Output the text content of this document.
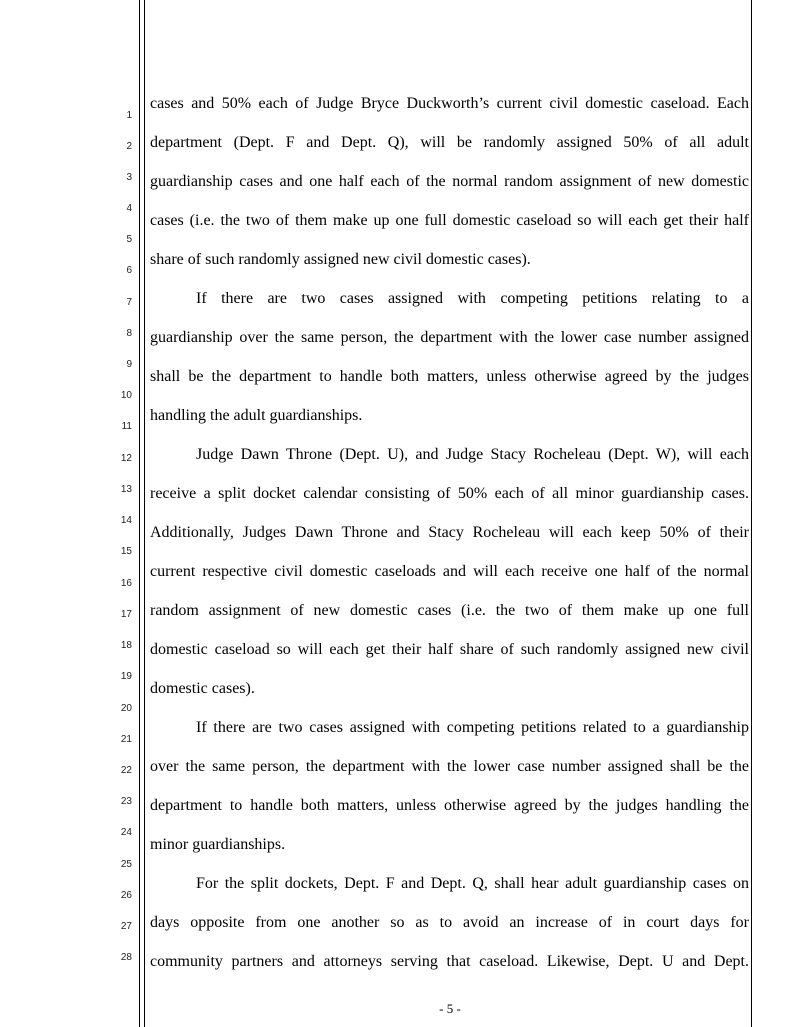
1
2
3
4
5
6
7
8
9
10
11
12
13
14
15
16
17
18
19
20
21
22
23
24
25
26
27
28
cases and 50% each of Judge Bryce Duckworth’s current civil domestic caseload. Each
department (Dept. F and Dept. Q), will be randomly assigned 50% of all adult
guardianship cases and one half each of the normal random assignment of new domestic
cases (i.e. the two of them make up one full domestic caseload so will each get their half
share of such randomly assigned new civil domestic cases).
If there are two cases assigned with competing petitions relating to a
guardianship over the same person, the department with the lower case number assigned
shall be the department to handle both matters, unless otherwise agreed by the judges
handling the adult guardianships.
Judge Dawn Throne (Dept. U), and Judge Stacy Rocheleau (Dept. W), will each
receive a split docket calendar consisting of 50% each of all minor guardianship cases.
Additionally, Judges Dawn Throne and Stacy Rocheleau will each keep 50% of their
current respective civil domestic caseloads and will each receive one half of the normal
random assignment of new domestic cases (i.e. the two of them make up one full
domestic caseload so will each get their half share of such randomly assigned new civil
domestic cases).
If there are two cases assigned with competing petitions related to a guardianship
over the same person, the department with the lower case number assigned shall be the
department to handle both matters, unless otherwise agreed by the judges handling the
minor guardianships.
For the split dockets, Dept. F and Dept. Q, shall hear adult guardianship cases on
days opposite from one another so as to avoid an increase of in court days for
community partners and attorneys serving that caseload. Likewise, Dept. U and Dept.
- 5 -
